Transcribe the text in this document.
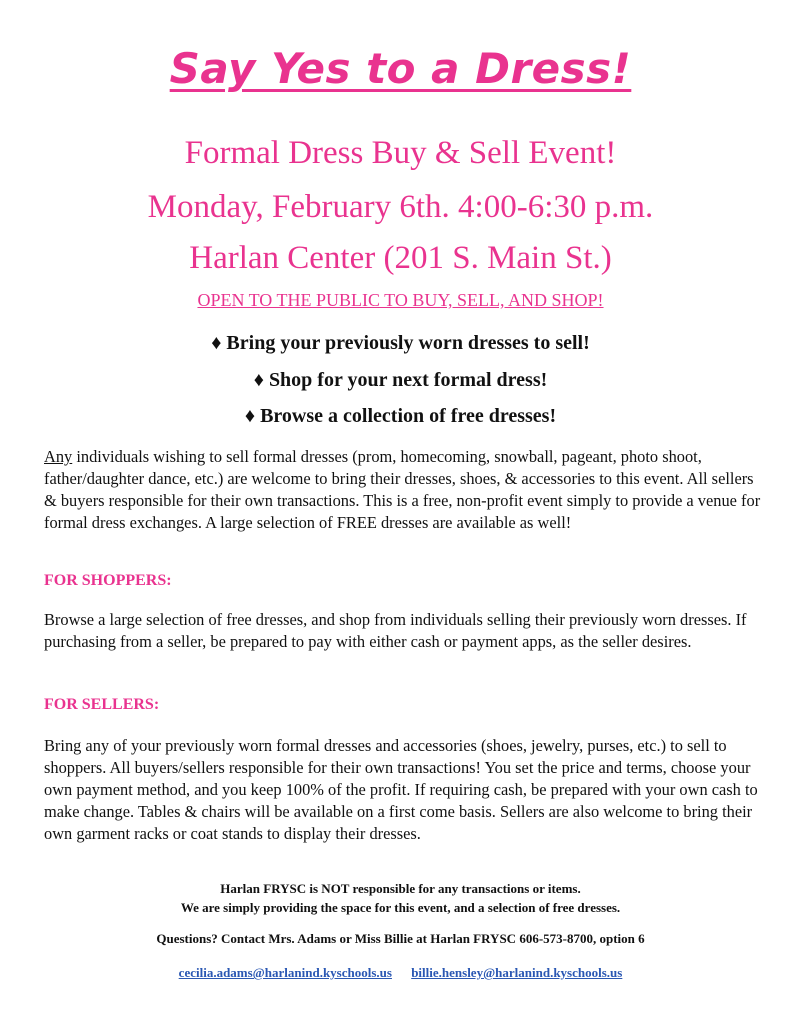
Say Yes to a Dress!
Formal Dress Buy & Sell Event!
Monday, February 6th. 4:00-6:30 p.m.
Harlan Center (201 S. Main St.)
OPEN TO THE PUBLIC TO BUY, SELL, AND SHOP!
♦ Bring your previously worn dresses to sell!
♦ Shop for your next formal dress!
♦ Browse a collection of free dresses!
Any individuals wishing to sell formal dresses (prom, homecoming, snowball, pageant, photo shoot, father/daughter dance, etc.) are welcome to bring their dresses, shoes, & accessories to this event. All sellers & buyers responsible for their own transactions. This is a free, non-profit event simply to provide a venue for formal dress exchanges. A large selection of FREE dresses are available as well!
FOR SHOPPERS:
Browse a large selection of free dresses, and shop from individuals selling their previously worn dresses. If purchasing from a seller, be prepared to pay with either cash or payment apps, as the seller desires.
FOR SELLERS:
Bring any of your previously worn formal dresses and accessories (shoes, jewelry, purses, etc.) to sell to shoppers. All buyers/sellers responsible for their own transactions! You set the price and terms, choose your own payment method, and you keep 100% of the profit. If requiring cash, be prepared with your own cash to make change. Tables & chairs will be available on a first come basis. Sellers are also welcome to bring their own garment racks or coat stands to display their dresses.
Harlan FRYSC is NOT responsible for any transactions or items.
We are simply providing the space for this event, and a selection of free dresses.
Questions? Contact Mrs. Adams or Miss Billie at Harlan FRYSC 606-573-8700, option 6
cecilia.adams@harlanind.kyschools.us billie.hensley@harlanind.kyschools.us
